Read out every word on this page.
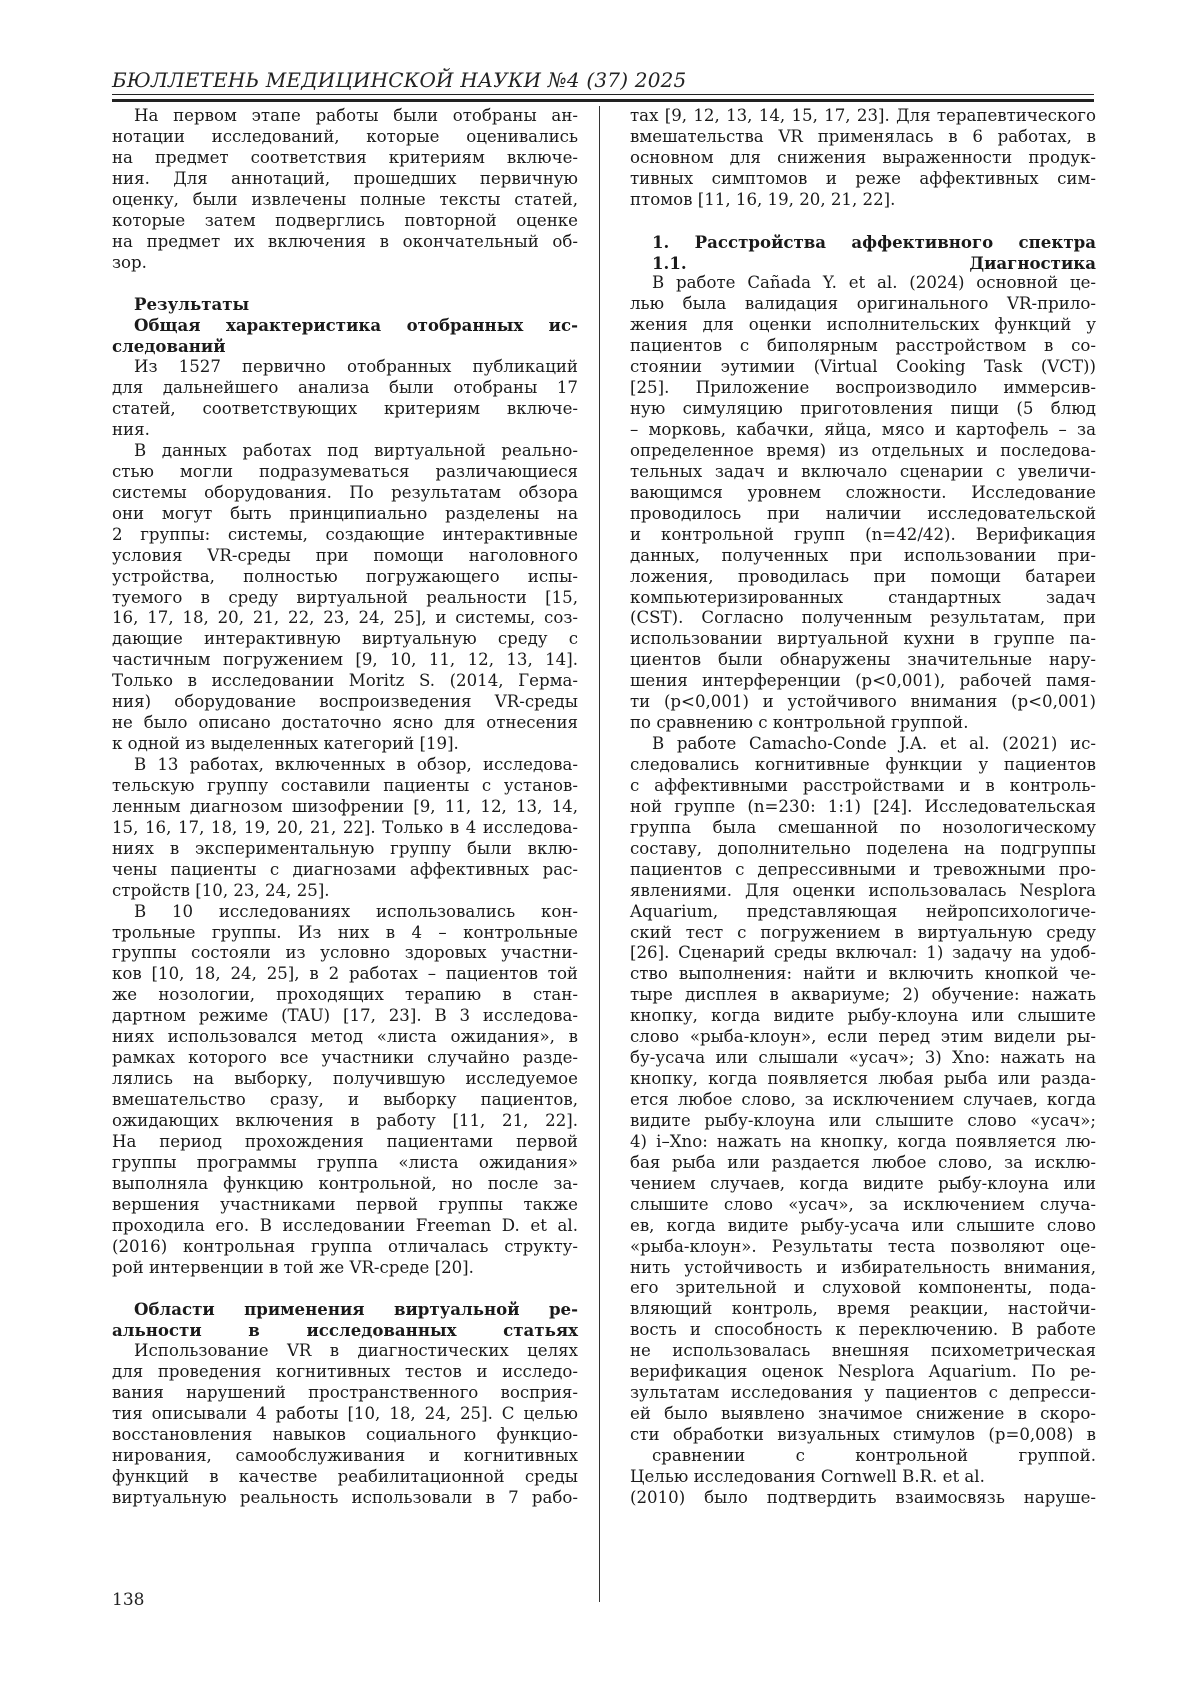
БЮЛЛЕТЕНЬ МЕДИЦИНСКОЙ НАУКИ №4 (37) 2025
На первом этапе работы были отобраны ан-
нотации исследований, которые оценивались
на предмет соответствия критериям включе-
ния. Для аннотаций, прошедших первичную
оценку, были извлечены полные тексты статей,
которые затем подверглись повторной оценке
на предмет их включения в окончательный об-
зор.
Результаты
Общая характеристика отобранных ис-
следований
Из 1527 первично отобранных публикаций
для дальнейшего анализа были отобраны 17
статей, соответствующих критериям включе-
ния.
В данных работах под виртуальной реально-
стью могли подразумеваться различающиеся
системы оборудования. По результатам обзора
они могут быть принципиально разделены на
2 группы: системы, создающие интерактивные
условия VR-среды при помощи наголовного
устройства, полностью погружающего испы-
туемого в среду виртуальной реальности [15,
16, 17, 18, 20, 21, 22, 23, 24, 25], и системы, соз-
дающие интерактивную виртуальную среду с
частичным погружением [9, 10, 11, 12, 13, 14].
Только в исследовании Moritz S. (2014, Герма-
ния) оборудование воспроизведения VR-среды
не было описано достаточно ясно для отнесения
к одной из выделенных категорий [19].
В 13 работах, включенных в обзор, исследова-
тельскую группу составили пациенты с установ-
ленным диагнозом шизофрении [9, 11, 12, 13, 14,
15, 16, 17, 18, 19, 20, 21, 22]. Только в 4 исследова-
ниях в экспериментальную группу были вклю-
чены пациенты с диагнозами аффективных рас-
стройств [10, 23, 24, 25].
В 10 исследованиях использовались кон-
трольные группы. Из них в 4 – контрольные
группы состояли из условно здоровых участни-
ков [10, 18, 24, 25], в 2 работах – пациентов той
же нозологии, проходящих терапию в стан-
дартном режиме (TAU) [17, 23]. В 3 исследова-
ниях использовался метод «листа ожидания», в
рамках которого все участники случайно разде-
лялись на выборку, получившую исследуемое
вмешательство сразу, и выборку пациентов,
ожидающих включения в работу [11, 21, 22].
На период прохождения пациентами первой
группы программы группа «листа ожидания»
выполняла функцию контрольной, но после за-
вершения участниками первой группы также
проходила его. В исследовании Freeman D. et al.
(2016) контрольная группа отличалась структу-
рой интервенции в той же VR-среде [20].
Области применения виртуальной ре-
альности в исследованных статьях
Использование VR в диагностических целях
для проведения когнитивных тестов и исследо-
вания нарушений пространственного восприя-
тия описывали 4 работы [10, 18, 24, 25]. С целью
восстановления навыков социального функцио-
нирования, самообслуживания и когнитивных
функций в качестве реабилитационной среды
виртуальную реальность использовали в 7 рабо-
тах [9, 12, 13, 14, 15, 17, 23]. Для терапевтического
вмешательства VR применялась в 6 работах, в
основном для снижения выраженности продук-
тивных симптомов и реже аффективных сим-
птомов [11, 16, 19, 20, 21, 22].
1. Расстройства аффективного спектра
1.1. Диагностика
В работе Cañada Y. et al. (2024) основной це-
лью была валидация оригинального VR-прило-
жения для оценки исполнительских функций у
пациентов с биполярным расстройством в со-
стоянии эутимии (Virtual Cooking Task (VCT))
[25]. Приложение воспроизводило иммерсив-
ную симуляцию приготовления пищи (5 блюд
– морковь, кабачки, яйца, мясо и картофель – за
определенное время) из отдельных и последова-
тельных задач и включало сценарии с увеличи-
вающимся уровнем сложности. Исследование
проводилось при наличии исследовательской
и контрольной групп (n=42/42). Верификация
данных, полученных при использовании при-
ложения, проводилась при помощи батареи
компьютеризированных стандартных задач
(CST). Согласно полученным результатам, при
использовании виртуальной кухни в группе па-
циентов были обнаружены значительные нару-
шения интерференции (p<0,001), рабочей памя-
ти (p<0,001) и устойчивого внимания (p<0,001)
по сравнению с контрольной группой.
В работе Camacho-Conde J.A. et al. (2021) ис-
следовались когнитивные функции у пациентов
с аффективными расстройствами и в контроль-
ной группе (n=230: 1:1) [24]. Исследовательская
группа была смешанной по нозологическому
составу, дополнительно поделена на подгруппы
пациентов с депрессивными и тревожными про-
явлениями. Для оценки использовалась Nesplora
Aquarium, представляющая нейропсихологиче-
ский тест с погружением в виртуальную среду
[26]. Сценарий среды включал: 1) задачу на удоб-
ство выполнения: найти и включить кнопкой че-
тыре дисплея в аквариуме; 2) обучение: нажать
кнопку, когда видите рыбу-клоуна или слышите
слово «рыба-клоун», если перед этим видели ры-
бу-усача или слышали «усач»; 3) Xno: нажать на
кнопку, когда появляется любая рыба или разда-
ется любое слово, за исключением случаев, когда
видите рыбу-клоуна или слышите слово «усач»;
4) i–Xno: нажать на кнопку, когда появляется лю-
бая рыба или раздается любое слово, за исклю-
чением случаев, когда видите рыбу-клоуна или
слышите слово «усач», за исключением случа-
ев, когда видите рыбу-усача или слышите слово
«рыба-клоун». Результаты теста позволяют оце-
нить устойчивость и избирательность внимания,
его зрительной и слуховой компоненты, пода-
вляющий контроль, время реакции, настойчи-
вость и способность к переключению. В работе
не использовалась внешняя психометрическая
верификация оценок Nesplora Aquarium. По ре-
зультатам исследования у пациентов с депресси-
ей было выявлено значимое снижение в скоро-
сти обработки визуальных стимулов (p=0,008) в
сравнении с контрольной группой.
Целью исследования Cornwell B.R. et al.
(2010) было подтвердить взаимосвязь наруше-
138
